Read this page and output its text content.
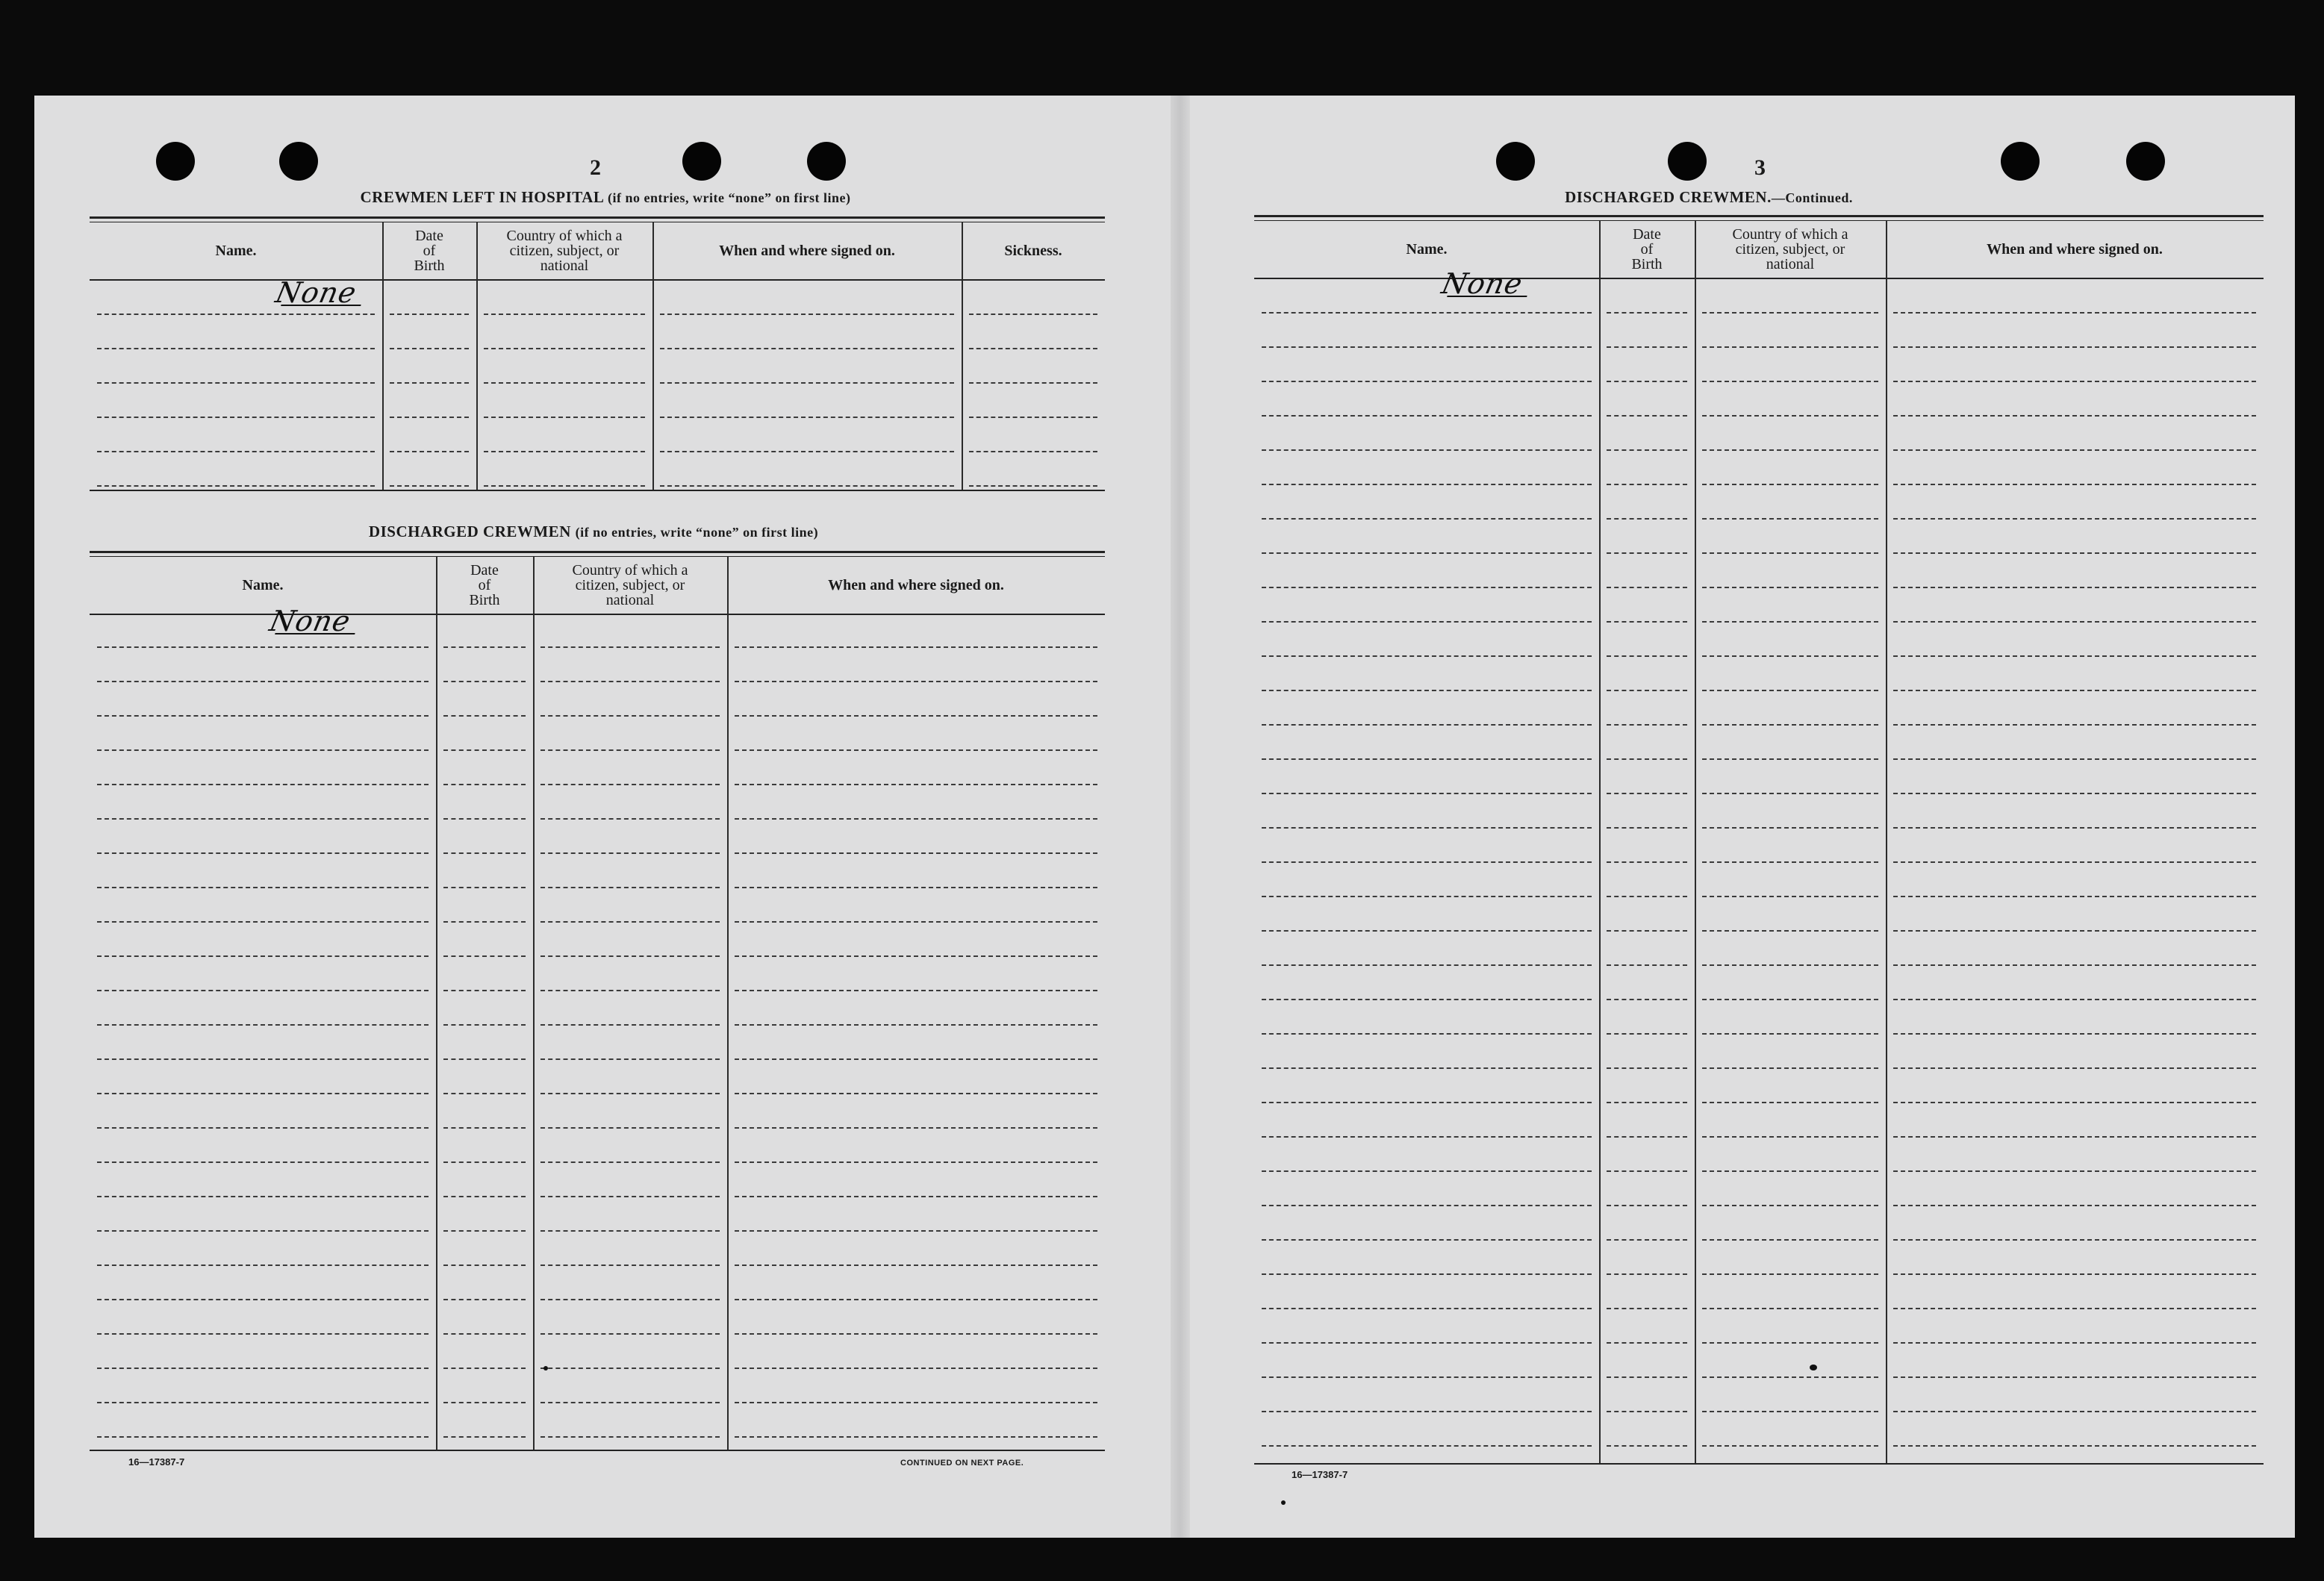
2
CREWMEN LEFT IN HOSPITAL (if no entries, write “none” on first line)
Name.
Date
of
Birth
Country of which a
citizen, subject, or
national
When and where signed on.	Sickness.
None
DISCHARGED CREWMEN (if no entries, write “none” on first line)
Name.
Date
of
Birth
Country of which a
citizen, subject, or
national
When and where signed on.
None
16—17387-7	CONTINUED ON NEXT PAGE.
3
DISCHARGED CREWMEN.—Continued.
Name.
Date
of
Birth
Country of which a
citizen, subject, or
national
When and where signed on.
None
16—17387-7
